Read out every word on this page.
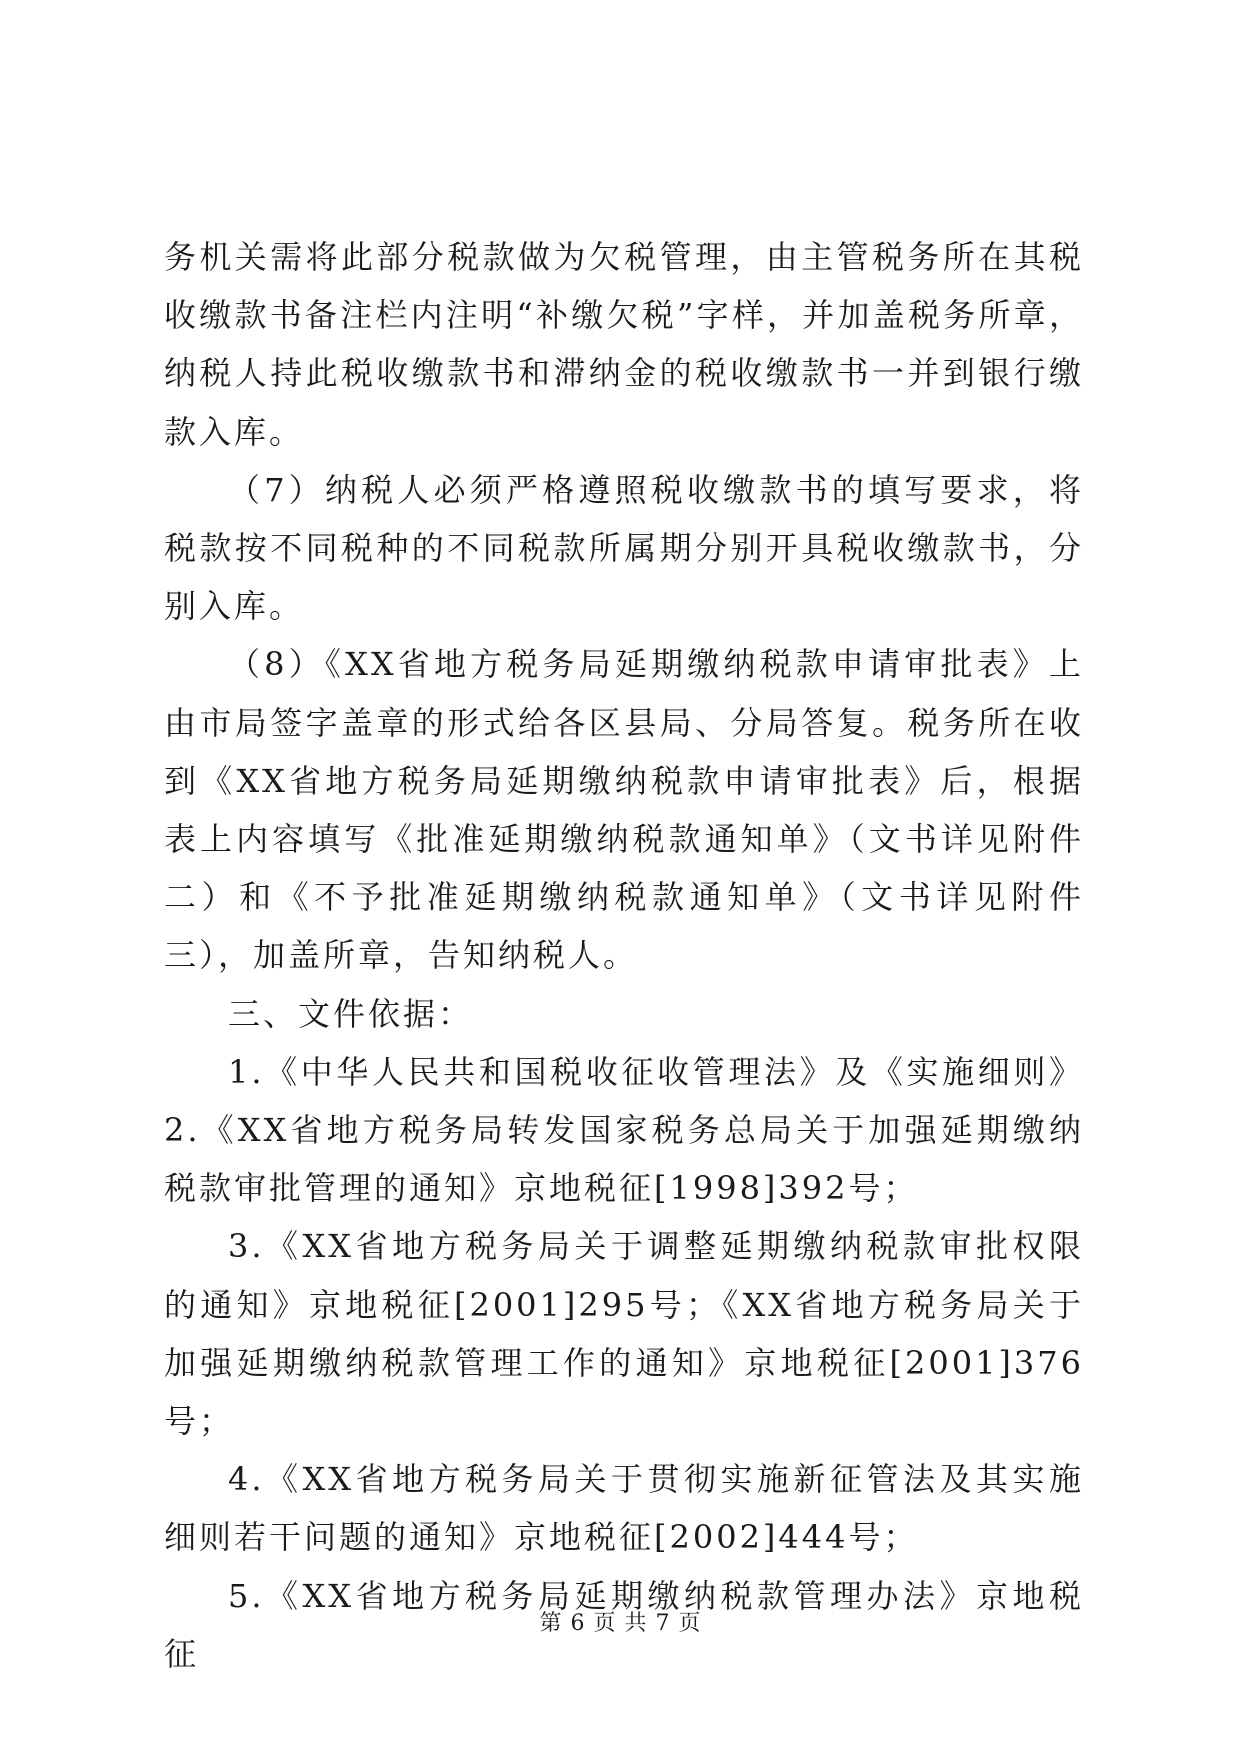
务机关需将此部分税款做为欠税管理，由主管税务所在其税收缴款书备注栏内注明“补缴欠税”字样，并加盖税务所章，纳税人持此税收缴款书和滞纳金的税收缴款书一并到银行缴款入库。

（7）纳税人必须严格遵照税收缴款书的填写要求，将税款按不同税种的不同税款所属期分别开具税收缴款书，分别入库。

（8）《XX省地方税务局延期缴纳税款申请审批表》上由市局签字盖章的形式给各区县局、分局答复。税务所在收到《XX省地方税务局延期缴纳税款申请审批表》后，根据表上内容填写《批准延期缴纳税款通知单》（文书详见附件二）和《不予批准延期缴纳税款通知单》（文书详见附件三），加盖所章，告知纳税人。

三、文件依据：

1.《中华人民共和国税收征收管理法》及《实施细则》2.《XX省地方税务局转发国家税务总局关于加强延期缴纳税款审批管理的通知》京地税征[1998]392号；

3.《XX省地方税务局关于调整延期缴纳税款审批权限的通知》京地税征[2001]295号；《XX省地方税务局关于加强延期缴纳税款管理工作的通知》京地税征[2001]376号；

4.《XX省地方税务局关于贯彻实施新征管法及其实施细则若干问题的通知》京地税征[2002]444号；

5.《XX省地方税务局延期缴纳税款管理办法》京地税征

第 6 页 共 7 页
